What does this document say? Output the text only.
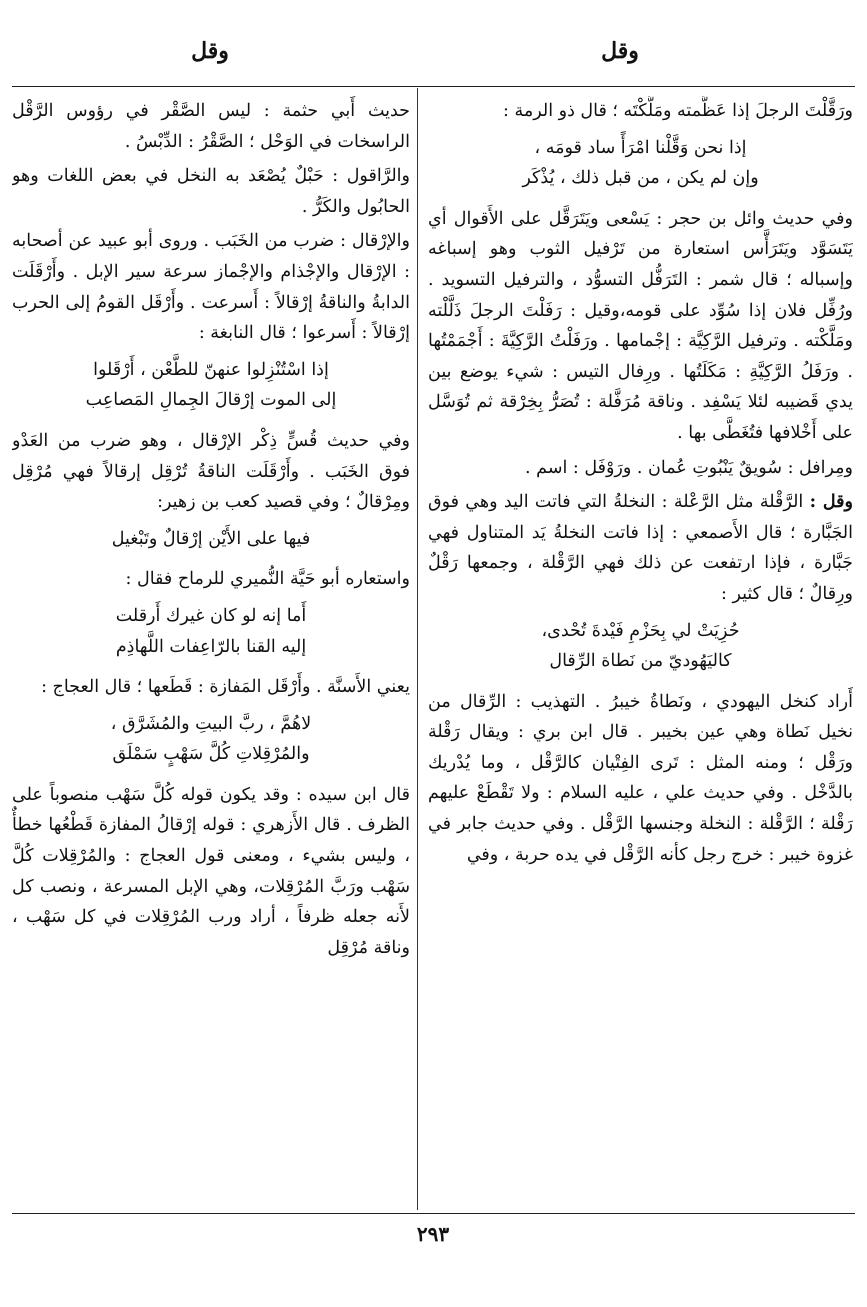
وقل
وقل

ورَقَّلْتَ الرجلَ إذا عَظَّمته ومَلَّكْتَه ؛ قال ذو الرمة :

إذا نحن وَقَّلْنا امْرَأً ساد قومَه ،
وإن لم يكن ، من قبل ذلك ، يُذْكَر

وفي حديث وائل بن حجر : يَسْعى ويَتَرَقَّل على الأَقوال أي يَتَسَوَّد ويَتَرَأَّس استعارة من تَرْفيل الثوب وهو إسباغه وإسباله ؛ قال شمر : التَرَفُّل التسوُّد ، والترفيل التسويد . ورُفِّل فلان إذا سُوِّد على قومه،وقيل : رَفَلْتَ الرجلَ ذَلَّلْته ومَلَّكْته . وترفيل الرَّكِيَّة : إجْمامها . ورَفَلْتُ الرَّكِيَّةَ : أَجْمَمْتُها . ورَفَلُ الرَّكِيَّةِ : مَكَلَتُها . ورِفال التيس : شيء يوضع بين يدي قَضيبه لئلا يَسْفِد . وناقة مُرَفَّلة : تُصَرُّ بِخِرْقة ثم تُوَسَّل على أَخْلافها فتُغَطَّى بها .

ومِرافل : سُويقٌ يَنْبُوتِ عُمان . ورَوْفَل : اسم .

وقل : الرَّقْلة مثل الرَّعْلة : النخلةُ التي فاتت اليد وهي فوق الجَبَّارة ؛ قال الأَصمعي : إذا فاتت النخلةُ يَد المتناول فهي جَبَّارة ، فإذا ارتفعت عن ذلك فهي الرَّقْلة ، وجمعها رَقْلٌ ورِقالٌ ؛ قال كثير :

حُزِيَتْ لي بِحَزْمِ فَيْدةَ تُحْدى،
كاليَهُوديّ من نَطاة الرِّقال

أَراد كنخل اليهودي ، ونَطاةُ خيبرُ . التهذيب : الرِّقال من نخيل نَطاة وهي عين بخيبر . قال ابن بري : ويقال رَقْلة ورَقْل ؛ ومنه المثل : تَرى الفِتْيان كالرَّقْل ، وما يُدْريك بالدَّخْل . وفي حديث علي ، عليه السلام : ولا تَقْطَعْ عليهم رَقْلة ؛ الرَّقْلة : النخلة وجنسها الرَّقْل . وفي حديث جابر في غزوة خيبر : خرج رجل كأنه الرَّقْل في يده حربة ، وفي

حديث أَبي حثمة : ليس الصَّقْر في رؤوس الرَّقْل الراسخات في الوَحْل ؛ الصَّقْرُ : الدِّبْسُ .

والرَّاقول : حَبْلٌ يُصْعَد به النخل في بعض اللغات وهو الحابُول والكَرُّ .

والإرْقال : ضرب من الخَبَب . وروى أبو عبيد عن أصحابه : الإرْقال والإجْذام والإجْماز سرعة سير الإبل . وأَرْقَلَت الدابةُ والناقةُ إرْقالاً : أَسرعت . وأَرْقَل القومُ إلى الحرب إرْقالاً : أَسرعوا ؛ قال النابغة :

إذا اسْتُنْزِلوا عنهنّ للطَّعْن ، أَرْقَلوا
إلى الموت إرْقالَ الجِمالِ المَصاعِب

وفي حديث قُسٍّ ذِكْر الإرْقال ، وهو ضرب من العَدْو فوق الخَبَب . وأَرْقَلَت الناقةُ تُرْقِل إرقالاً فهي مُرْقِل ومِرْقالٌ ؛ وفي قصيد كعب بن زهير:

فيها على الأَيْن إرْقالٌ وتَبْغيل

واستعاره أبو حَيَّة النُّميري للرماح فقال :

أَما إنه لو كان غيرك أَرقلت
إليه القنا بالرّاعِفات اللَّهاذِم

يعني الأَسنَّة . وأَرْقَل المَفازة : قَطَعها ؛ قال العجاج :

لاهُمَّ ، ربَّ البيتِ والمُشَرَّق ،
والمُرْقِلاتِ كُلَّ سَهْبٍ سَمْلَق

قال ابن سيده : وقد يكون قوله كُلَّ سَهْب منصوباً على الظرف . قال الأَزهري : قوله إرْقالُ المفازة قَطْعُها خطأٌ ، وليس بشيء ، ومعنى قول العجاج : والمُرْقِلات كُلَّ سَهْب ورَبَّ المُرْقِلات، وهي الإبل المسرعة ، ونصب كل لأَنه جعله ظرفاً ، أراد ورب المُرْقِلات في كل سَهْب ، وناقة مُرْقِل

٢٩٣
